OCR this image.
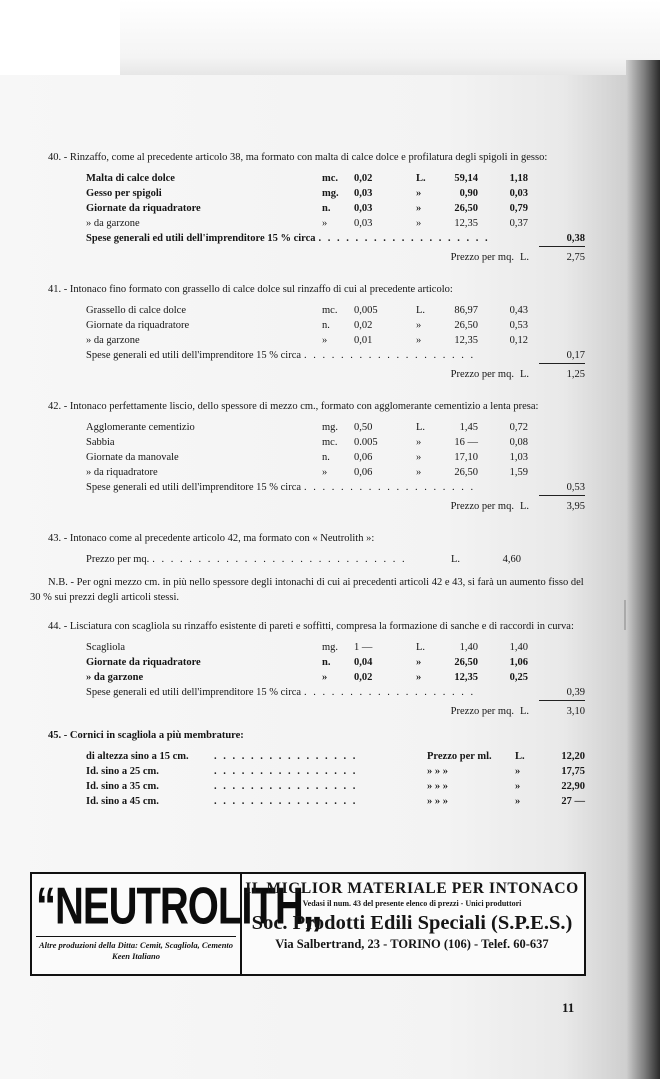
40. - Rinzaffo, come al precedente articolo 38, ma formato con malta di calce dolce e profilatura degli spigoli in gesso:

Malta di calce dolce	mc.	0,02	L.	59,14	1,18
Gesso per spigoli	mg.	0,03	»	0,90	0,03
Giornate da riquadratore	n.	0,03	»	26,50	0,79
» da garzone	»	0,03	»	12,35	0,37
Spese generali ed utili dell'imprenditore 15 % circa . . . . . . . . . . . . . . . . . . .	0,38
Prezzo per mq. L.	2,75

41. - Intonaco fino formato con grassello di calce dolce sul rinzaffo di cui al precedente articolo:

Grassello di calce dolce	mc.	0,005	L.	86,97	0,43
Giornate da riquadratore	n.	0,02	»	26,50	0,53
» da garzone	»	0,01	»	12,35	0,12
Spese generali ed utili dell'imprenditore 15 % circa . . . . . . . . . . . . . . . . . . .	0,17
Prezzo per mq. L.	1,25

42. - Intonaco perfettamente liscio, dello spessore di mezzo cm., formato con agglomerante cementizio a lenta presa:

Agglomerante cementizio	mg.	0,50	L.	1,45	0,72
Sabbia	mc.	0.005	»	16 —	0,08
Giornate da manovale	n.	0,06	»	17,10	1,03
» da riquadratore	»	0,06	»	26,50	1,59
Spese generali ed utili dell'imprenditore 15 % circa . . . . . . . . . . . . . . . . . . .	0,53
Prezzo per mq. L.	3,95

43. - Intonaco come al precedente articolo 42, ma formato con « Neutrolith »:

Prezzo per mq. . . . . . . . . . . . . . . . . . . . . . . . . . . . .	L.	4,60

N.B. - Per ogni mezzo cm. in più nello spessore degli intonachi di cui ai precedenti articoli 42 e 43, si farà un aumento fisso del 30 % sui prezzi degli articoli stessi.

44. - Lisciatura con scagliola su rinzaffo esistente di pareti e soffitti, compresa la formazione di sanche e di raccordi in curva:

Scagliola	mg.	1 —	L.	1,40	1,40
Giornate da riquadratore	n.	0,04	»	26,50	1,06
» da garzone	»	0,02	»	12,35	0,25
Spese generali ed utili dell'imprenditore 15 % circa . . . . . . . . . . . . . . . . . . .	0,39
Prezzo per mq. L.	3,10

45. - Cornici in scagliola a più membrature:

di altezza sino a 15 cm.	. . . . . . . . . . . . . . . .	Prezzo per ml.	L.	12,20
Id. sino a 25 cm.	. . . . . . . . . . . . . . . .	» » »	»	17,75
Id. sino a 35 cm.	. . . . . . . . . . . . . . . .	» » »	»	22,90
Id. sino a 45 cm.	. . . . . . . . . . . . . . . .	» » »	»	27 —
“NEUTROLITH„
Altre produzioni della Ditta: Cemit, Scagliola, Cemento Keen Italiano
IL MIGLIOR MATERIALE PER INTONACO
Vedasi il num. 43 del presente elenco di prezzi - Unici produttori
Soc. Prodotti Edili Speciali (S.P.E.S.)
Via Salbertrand, 23 - TORINO (106) - Telef. 60-637
11
